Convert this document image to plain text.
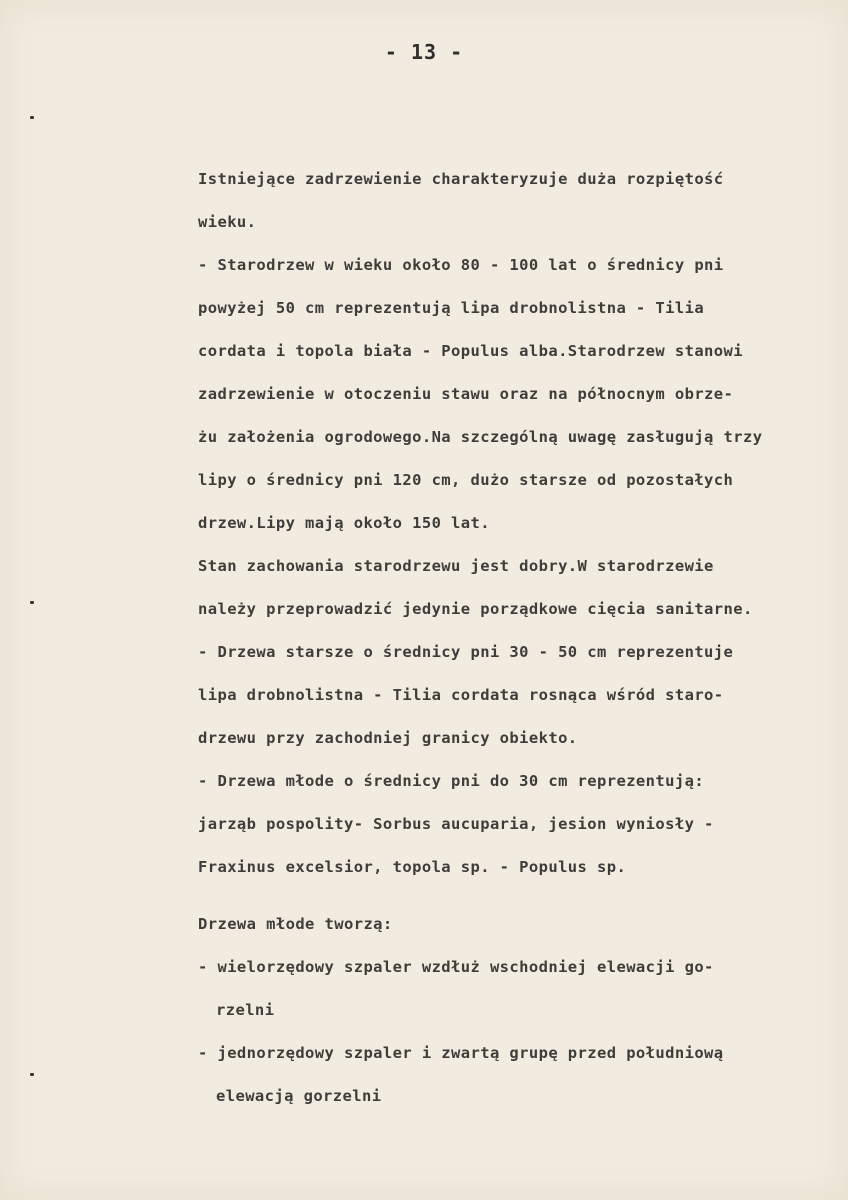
- 13 -
Istniejące zadrzewienie charakteryzuje duża rozpiętość
wieku.
- Starodrzew w wieku około 80 - 100 lat o średnicy pni
powyżej 50 cm reprezentują lipa drobnolistna - Tilia
cordata i topola biała - Populus alba.Starodrzew stanowi
zadrzewienie w otoczeniu stawu oraz na północnym obrze-
żu założenia ogrodowego.Na szczególną uwagę zasługują trzy
lipy o średnicy pni 120 cm, dużo starsze od pozostałych
drzew.Lipy mają około 150 lat.
Stan zachowania starodrzewu jest dobry.W starodrzewie
należy przeprowadzić jedynie porządkowe cięcia sanitarne.
- Drzewa starsze o średnicy pni 30 - 50 cm reprezentuje
lipa drobnolistna - Tilia cordata rosnąca wśród staro-
drzewu przy zachodniej granicy obiekto.
- Drzewa młode o średnicy pni do 30 cm reprezentują:
jarząb pospolity- Sorbus aucuparia, jesion wyniosły -
Fraxinus excelsior, topola sp. - Populus sp.
Drzewa młode tworzą:
- wielorzędowy szpaler wzdłuż wschodniej elewacji go-
rzelni
- jednorzędowy szpaler i zwartą grupę przed południową
elewacją gorzelni
